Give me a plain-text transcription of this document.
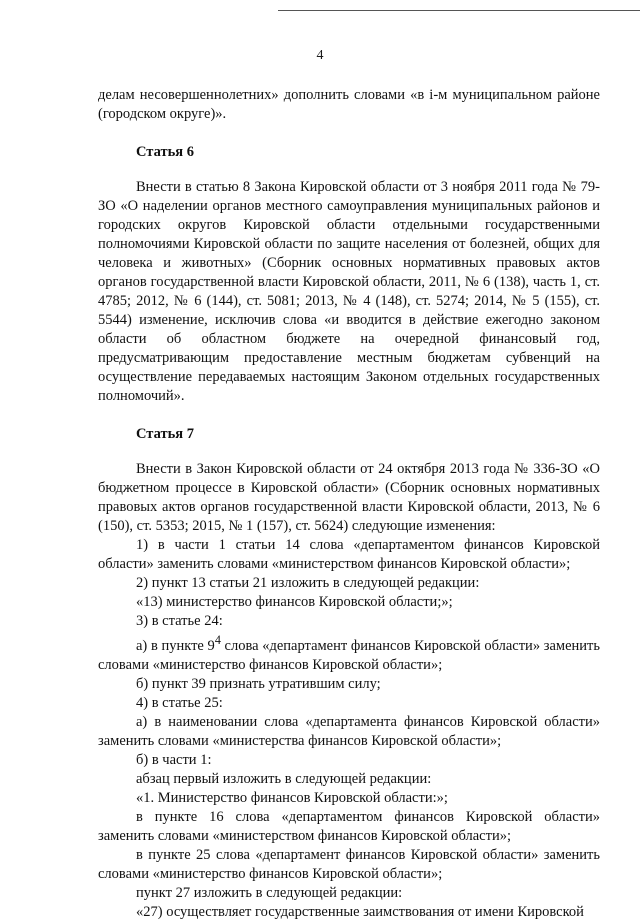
4

делам несовершеннолетних» дополнить словами «в i-м муниципальном районе (городском округе)».

Статья 6

Внести в статью 8 Закона Кировской области от 3 ноября 2011 года № 79-ЗО «О наделении органов местного самоуправления муниципальных районов и городских округов Кировской области отдельными государственными полномочиями Кировской области по защите населения от болезней, общих для человека и животных» (Сборник основных нормативных правовых актов органов государственной власти Кировской области, 2011, № 6 (138), часть 1, ст. 4785; 2012, № 6 (144), ст. 5081; 2013, № 4 (148), ст. 5274; 2014, № 5 (155), ст. 5544) изменение, исключив слова «и вводится в действие ежегодно законом области об областном бюджете на очередной финансовый год, предусматривающим предоставление местным бюджетам субвенций на осуществление передаваемых настоящим Законом отдельных государственных полномочий».

Статья 7

Внести в Закон Кировской области от 24 октября 2013 года № 336-ЗО «О бюджетном процессе в Кировской области» (Сборник основных нормативных правовых актов органов государственной власти Кировской области, 2013, № 6 (150), ст. 5353; 2015, № 1 (157), ст. 5624) следующие изменения:

1) в части 1 статьи 14 слова «департаментом финансов Кировской области» заменить словами «министерством финансов Кировской области»;

2) пункт 13 статьи 21 изложить в следующей редакции:

«13) министерство финансов Кировской области;»;

3) в статье 24:

а) в пункте $9^4$ слова «департамент финансов Кировской области» заменить словами «министерство финансов Кировской области»;

б) пункт 39 признать утратившим силу;

4) в статье 25:

а) в наименовании слова «департамента финансов Кировской области» заменить словами «министерства финансов Кировской области»;

б) в части 1:

абзац первый изложить в следующей редакции:

«1. Министерство финансов Кировской области:»;

в пункте 16 слова «департаментом финансов Кировской области» заменить словами «министерством финансов Кировской области»;

в пункте 25 слова «департамент финансов Кировской области» заменить словами «министерство финансов Кировской области»;

пункт 27 изложить в следующей редакции:

«27) осуществляет государственные заимствования от имени Кировской
